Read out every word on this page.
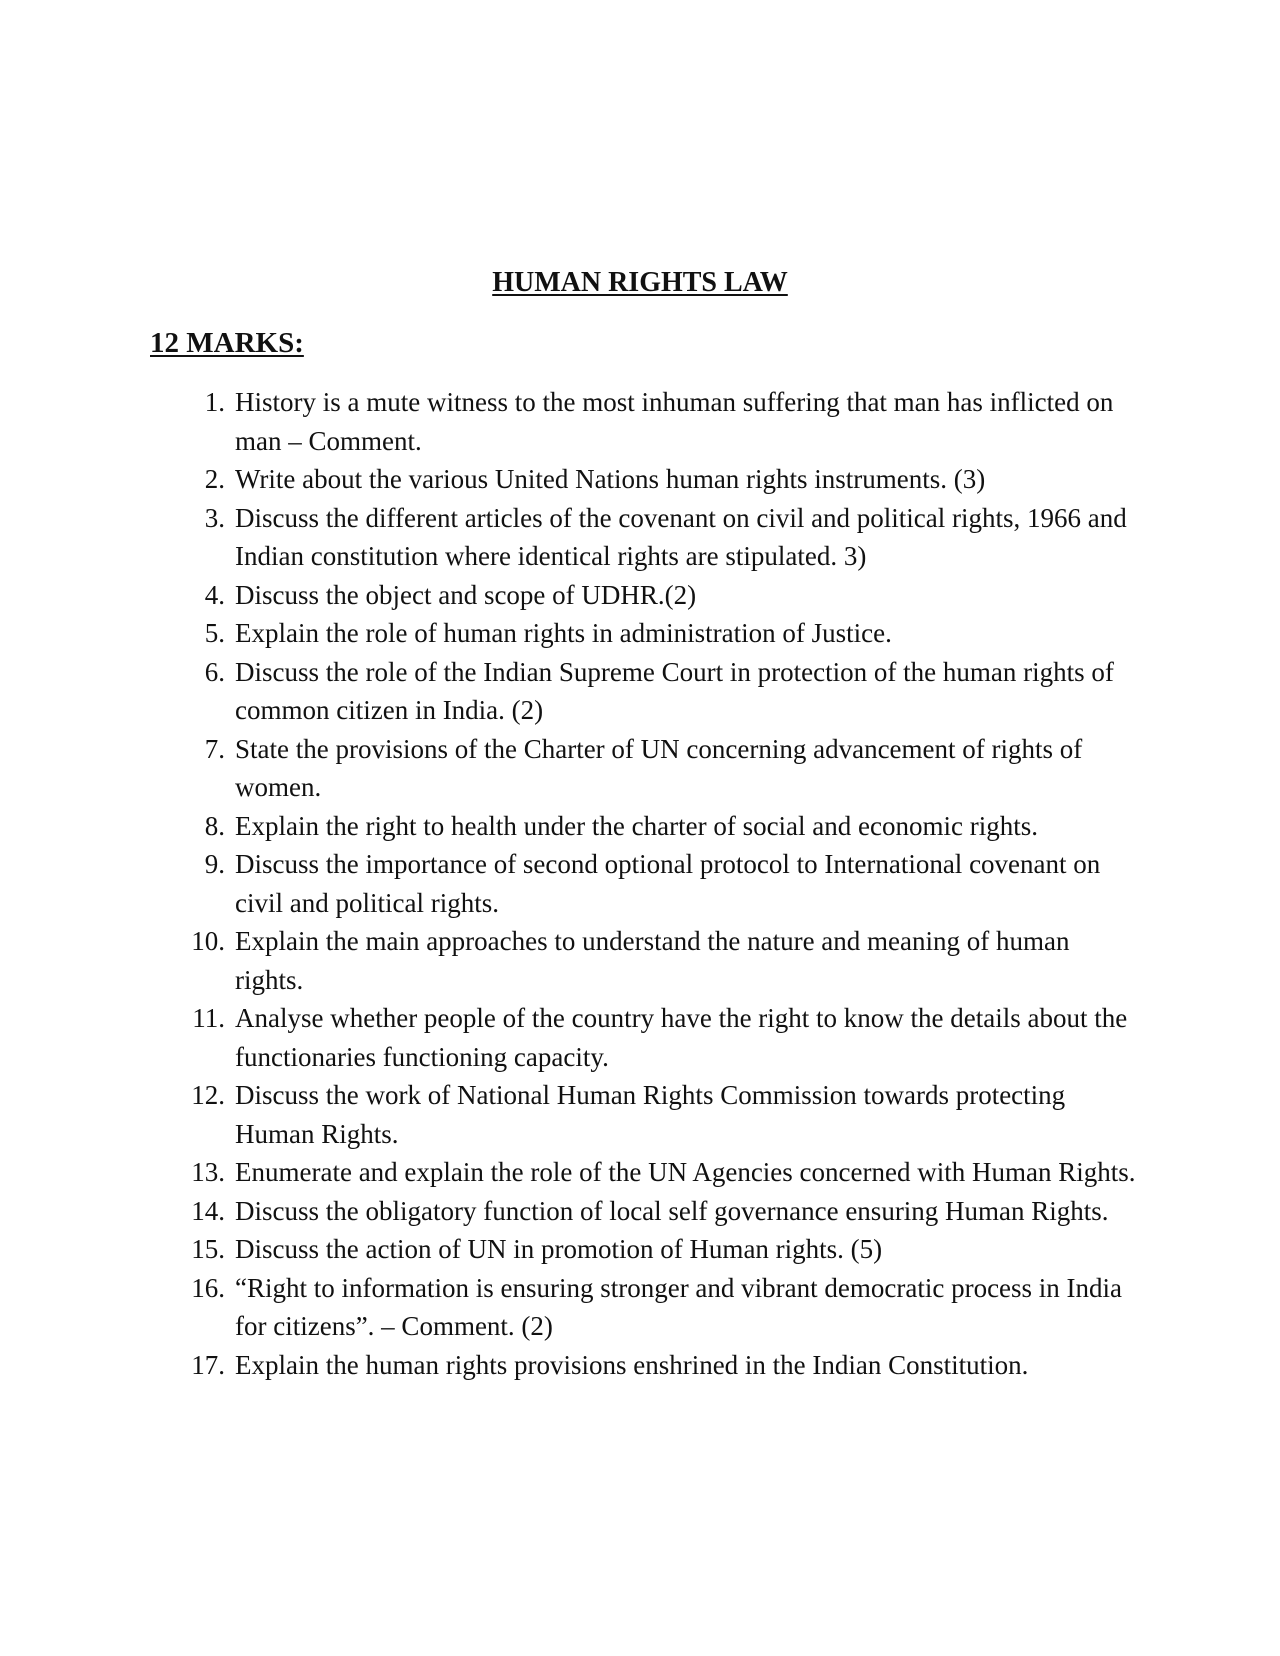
HUMAN RIGHTS LAW
12 MARKS:
1. History is a mute witness to the most inhuman suffering that man has inflicted on man – Comment.
2. Write about the various United Nations human rights instruments. (3)
3. Discuss the different articles of the covenant on civil and political rights, 1966 and Indian constitution where identical rights are stipulated. 3)
4. Discuss the object and scope of UDHR.(2)
5. Explain the role of human rights in administration of Justice.
6. Discuss the role of the Indian Supreme Court in protection of the human rights of common citizen in India. (2)
7. State the provisions of the Charter of UN concerning advancement of rights of women.
8. Explain the right to health under the charter of social and economic rights.
9. Discuss the importance of second optional protocol to International covenant on civil and political rights.
10. Explain the main approaches to understand the nature and meaning of human rights.
11. Analyse whether people of the country have the right to know the details about the functionaries functioning capacity.
12. Discuss the work of National Human Rights Commission towards protecting Human Rights.
13. Enumerate and explain the role of the UN Agencies concerned with Human Rights.
14. Discuss the obligatory function of local self governance ensuring Human Rights.
15. Discuss the action of UN in promotion of Human rights. (5)
16. “Right to information is ensuring stronger and vibrant democratic process in India for citizens”. – Comment. (2)
17. Explain the human rights provisions enshrined in the Indian Constitution.
